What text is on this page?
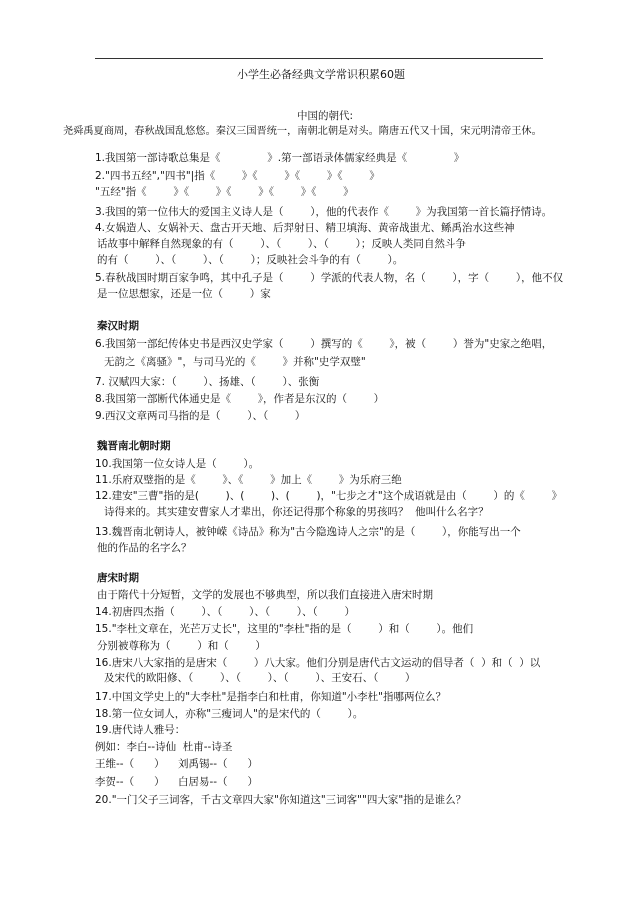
小学生必备经典文学常识积累60题
中国的朝代:
尧舜禹夏商周，春秋战国乱悠悠。秦汉三国晋统一，南朝北朝是对头。隋唐五代又十国，宋元明清帝王休。
1.我国第一部诗歌总集是《              》.第一部语录体儒家经典是《              》
2."四书五经","四书"|指《        》《        》《        》《        》
"五经"指《        》《        》《        》《        》《        》
3.我国的第一位伟大的爱国主义诗人是（        ），他的代表作《        》为我国第一首长篇抒情诗。
4.女娲造人、女娲补天、盘古开天地、后羿射日、精卫填海、黄帝战蚩尤、鲧禹治水这些神
话故事中解释自然现象的有（        ）、（        ）、（        ）；反映人类同自然斗争
的有（        ）、（        ）、（        ）；反映社会斗争的有（        ）。
5.春秋战国时期百家争鸣，其中孔子是（        ）学派的代表人物，名（        ），字（        ），他不仅
是一位思想家，还是一位（        ）家
秦汉时期
6.我国第一部纪传体史书是西汉史学家（        ）撰写的《        》，被（        ）誉为"史家之绝唱，
无韵之《离骚》"，与司马光的《        》并称"史学双璧"
7. 汉赋四大家：（        ）、扬雄、（        ）、张衡
8.我国第一部断代体通史是《        》，作者是东汉的（        ）
9.西汉文章两司马指的是（        ）、（        ）
魏晋南北朝时期
10.我国第一位女诗人是（        ）。
11.乐府双璧指的是《        》、《        》加上《        》为乐府三绝
12.建安"三曹"指的是(        )、(        )、(        )，"七步之才"这个成语就是由（        ）的《        》
诗得来的。其实建安曹家人才辈出，你还记得那个称象的男孩吗？  他叫什么名字？
13.魏晋南北朝诗人，被钟嵘《诗品》称为"古今隐逸诗人之宗"的是（        ），你能写出一个
他的作品的名字么？
唐宋时期
由于隋代十分短暂，文学的发展也不够典型，所以我们直接进入唐宋时期
14.初唐四杰指（        ）、（        ）、（        ）、（        ）
15."李杜文章在，光芒万丈长"，这里的"李杜"指的是（        ）和（        ）。他们
分别被尊称为（        ）和（        ）
16.唐宋八大家指的是唐宋（        ）八大家。他们分别是唐代古文运动的倡导者（  ）和（  ）以
及宋代的欧阳修、（        ）、（        ）、（        ）、王安石、（        ）
17.中国文学史上的"大李杜"是指李白和杜甫，你知道"小李杜"指哪两位么？
18.第一位女词人，亦称"三瘦词人"的是宋代的（        ）。
19.唐代诗人雅号：
例如：李白--诗仙  杜甫--诗圣
王维--（      ）    刘禹锡--（      ）
李贺--（      ）    白居易--（      ）
20."一门父子三词客，千古文章四大家"你知道这"三词客""四大家"指的是谁么？
